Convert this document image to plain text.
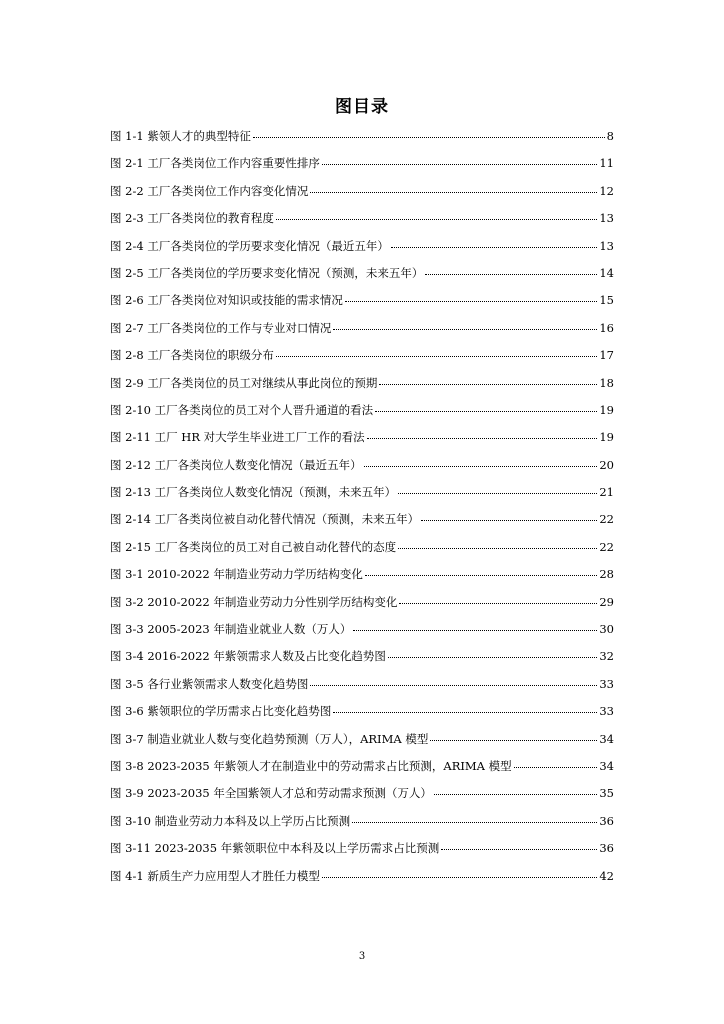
图目录
图 1-1 紫领人才的典型特征	8
图 2-1 工厂各类岗位工作内容重要性排序	11
图 2-2 工厂各类岗位工作内容变化情况	12
图 2-3 工厂各类岗位的教育程度	13
图 2-4 工厂各类岗位的学历要求变化情况（最近五年）	13
图 2-5 工厂各类岗位的学历要求变化情况（预测，未来五年）	14
图 2-6 工厂各类岗位对知识或技能的需求情况	15
图 2-7 工厂各类岗位的工作与专业对口情况	16
图 2-8 工厂各类岗位的职级分布	17
图 2-9 工厂各类岗位的员工对继续从事此岗位的预期	18
图 2-10 工厂各类岗位的员工对个人晋升通道的看法	19
图 2-11 工厂 HR 对大学生毕业进工厂工作的看法	19
图 2-12 工厂各类岗位人数变化情况（最近五年）	20
图 2-13 工厂各类岗位人数变化情况（预测，未来五年）	21
图 2-14 工厂各类岗位被自动化替代情况（预测，未来五年）	22
图 2-15 工厂各类岗位的员工对自己被自动化替代的态度	22
图 3-1 2010-2022 年制造业劳动力学历结构变化	28
图 3-2 2010-2022 年制造业劳动力分性别学历结构变化	29
图 3-3 2005-2023 年制造业就业人数（万人）	30
图 3-4 2016-2022 年紫领需求人数及占比变化趋势图	32
图 3-5 各行业紫领需求人数变化趋势图	33
图 3-6 紫领职位的学历需求占比变化趋势图	33
图 3-7 制造业就业人数与变化趋势预测（万人），ARIMA 模型	34
图 3-8 2023-2035 年紫领人才在制造业中的劳动需求占比预测，ARIMA 模型	34
图 3-9 2023-2035 年全国紫领人才总和劳动需求预测（万人）	35
图 3-10 制造业劳动力本科及以上学历占比预测	36
图 3-11 2023-2035 年紫领职位中本科及以上学历需求占比预测	36
图 4-1 新质生产力应用型人才胜任力模型	42
3
